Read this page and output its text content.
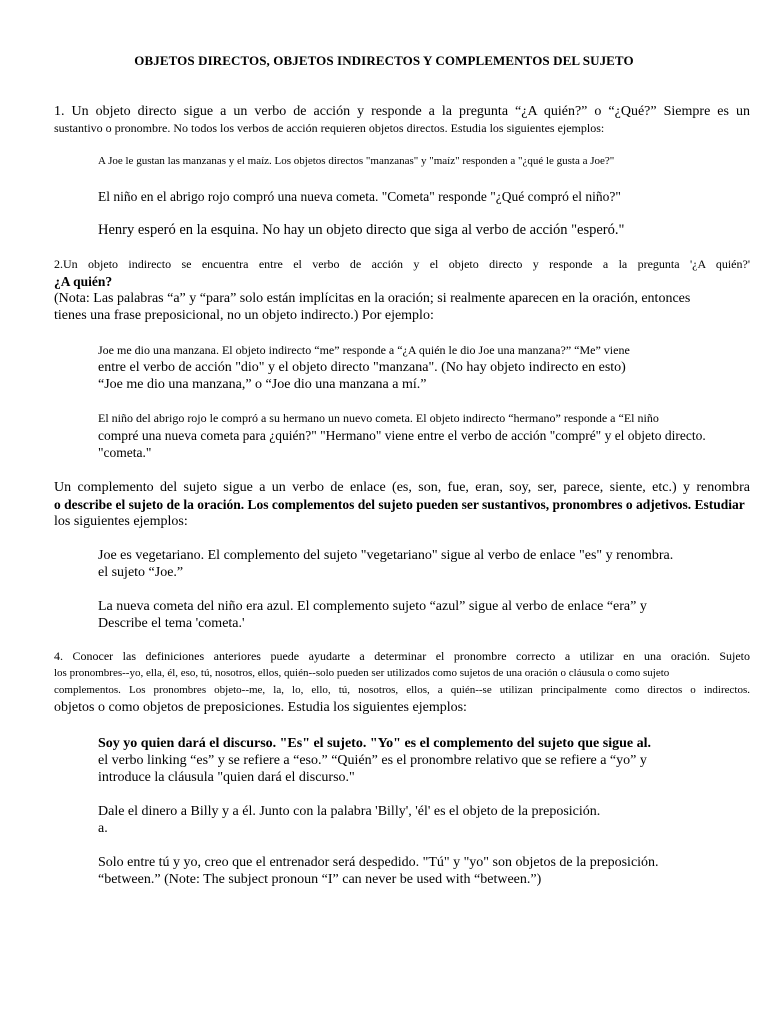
OBJETOS DIRECTOS, OBJETOS INDIRECTOS Y COMPLEMENTOS DEL SUJETO
1. Un objeto directo sigue a un verbo de acción y responde a la pregunta “¿A quién?” o “¿Qué?” Siempre es un
sustantivo o pronombre. No todos los verbos de acción requieren objetos directos. Estudia los siguientes ejemplos:
A Joe le gustan las manzanas y el maíz. Los objetos directos "manzanas" y "maíz" responden a "¿qué le gusta a Joe?"
El niño en el abrigo rojo compró una nueva cometa. "Cometa" responde "¿Qué compró el niño?"
Henry esperó en la esquina. No hay un objeto directo que siga al verbo de acción "esperó."
2.Un objeto indirecto se encuentra entre el verbo de acción y el objeto directo y responde a la pregunta '¿A quién?'
¿A quién?
(Nota: Las palabras “a” y “para” solo están implícitas en la oración; si realmente aparecen en la oración, entonces
tienes una frase preposicional, no un objeto indirecto.) Por ejemplo:
Joe me dio una manzana. El objeto indirecto “me” responde a “¿A quién le dio Joe una manzana?” “Me” viene
entre el verbo de acción "dio" y el objeto directo "manzana". (No hay objeto indirecto en esto)
“Joe me dio una manzana,” o “Joe dio una manzana a mí.”
El niño del abrigo rojo le compró a su hermano un nuevo cometa. El objeto indirecto “hermano” responde a “El niño
compré una nueva cometa para ¿quién?" "Hermano" viene entre el verbo de acción "compré" y el objeto directo.
"cometa."
Un complemento del sujeto sigue a un verbo de enlace (es, son, fue, eran, soy, ser, parece, siente, etc.) y renombra
o describe el sujeto de la oración. Los complementos del sujeto pueden ser sustantivos, pronombres o adjetivos. Estudiar
los siguientes ejemplos:
Joe es vegetariano. El complemento del sujeto "vegetariano" sigue al verbo de enlace "es" y renombra.
el sujeto “Joe.”
La nueva cometa del niño era azul. El complemento sujeto “azul” sigue al verbo de enlace “era” y
Describe el tema 'cometa.'
4. Conocer las definiciones anteriores puede ayudarte a determinar el pronombre correcto a utilizar en una oración. Sujeto
los pronombres--yo, ella, él, eso, tú, nosotros, ellos, quién--solo pueden ser utilizados como sujetos de una oración o cláusula o como sujeto
complementos. Los pronombres objeto--me, la, lo, ello, tú, nosotros, ellos, a quién--se utilizan principalmente como directos o indirectos.
objetos o como objetos de preposiciones. Estudia los siguientes ejemplos:
Soy yo quien dará el discurso. "Es" el sujeto. "Yo" es el complemento del sujeto que sigue al.
el verbo linking “es” y se refiere a “eso.” “Quién” es el pronombre relativo que se refiere a “yo” y
introduce la cláusula "quien dará el discurso."
Dale el dinero a Billy y a él. Junto con la palabra 'Billy', 'él' es el objeto de la preposición.
a.
Solo entre tú y yo, creo que el entrenador será despedido. "Tú" y "yo" son objetos de la preposición.
“between.” (Note: The subject pronoun “I” can never be used with “between.”)
